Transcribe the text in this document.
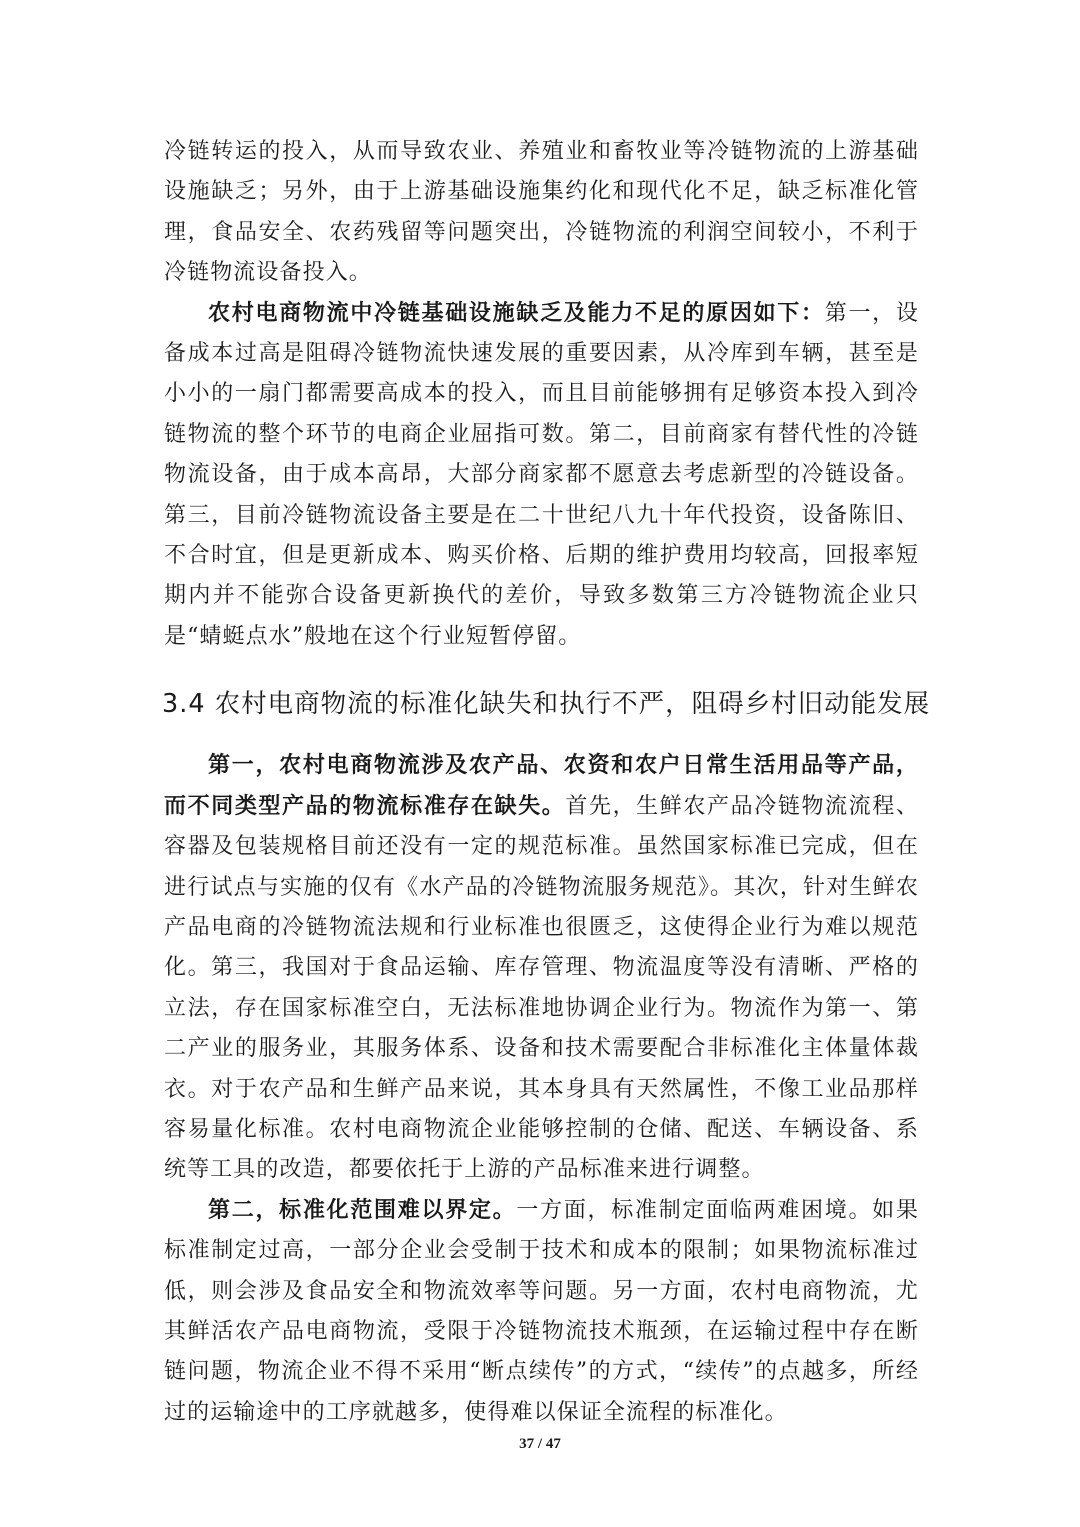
冷链转运的投入，从而导致农业、养殖业和畜牧业等冷链物流的上游基础设施缺乏；另外，由于上游基础设施集约化和现代化不足，缺乏标准化管理，食品安全、农药残留等问题突出，冷链物流的利润空间较小，不利于冷链物流设备投入。

农村电商物流中冷链基础设施缺乏及能力不足的原因如下：第一，设备成本过高是阻碍冷链物流快速发展的重要因素，从冷库到车辆，甚至是小小的一扇门都需要高成本的投入，而且目前能够拥有足够资本投入到冷链物流的整个环节的电商企业屈指可数。第二，目前商家有替代性的冷链物流设备，由于成本高昂，大部分商家都不愿意去考虑新型的冷链设备。第三，目前冷链物流设备主要是在二十世纪八九十年代投资，设备陈旧、不合时宜，但是更新成本、购买价格、后期的维护费用均较高，回报率短期内并不能弥合设备更新换代的差价，导致多数第三方冷链物流企业只是“蜻蜓点水”般地在这个行业短暂停留。

3.4 农村电商物流的标准化缺失和执行不严，阻碍乡村旧动能发展

第一，农村电商物流涉及农产品、农资和农户日常生活用品等产品，而不同类型产品的物流标准存在缺失。首先，生鲜农产品冷链物流流程、容器及包装规格目前还没有一定的规范标准。虽然国家标准已完成，但在进行试点与实施的仅有《水产品的冷链物流服务规范》。其次，针对生鲜农产品电商的冷链物流法规和行业标准也很匮乏，这使得企业行为难以规范化。第三，我国对于食品运输、库存管理、物流温度等没有清晰、严格的立法，存在国家标准空白，无法标准地协调企业行为。物流作为第一、第二产业的服务业，其服务体系、设备和技术需要配合非标准化主体量体裁衣。对于农产品和生鲜产品来说，其本身具有天然属性，不像工业品那样容易量化标准。农村电商物流企业能够控制的仓储、配送、车辆设备、系统等工具的改造，都要依托于上游的产品标准来进行调整。

第二，标准化范围难以界定。一方面，标准制定面临两难困境。如果标准制定过高，一部分企业会受制于技术和成本的限制；如果物流标准过低，则会涉及食品安全和物流效率等问题。另一方面，农村电商物流，尤其鲜活农产品电商物流，受限于冷链物流技术瓶颈，在运输过程中存在断链问题，物流企业不得不采用“断点续传”的方式，“续传”的点越多，所经过的运输途中的工序就越多，使得难以保证全流程的标准化。

37 / 47
